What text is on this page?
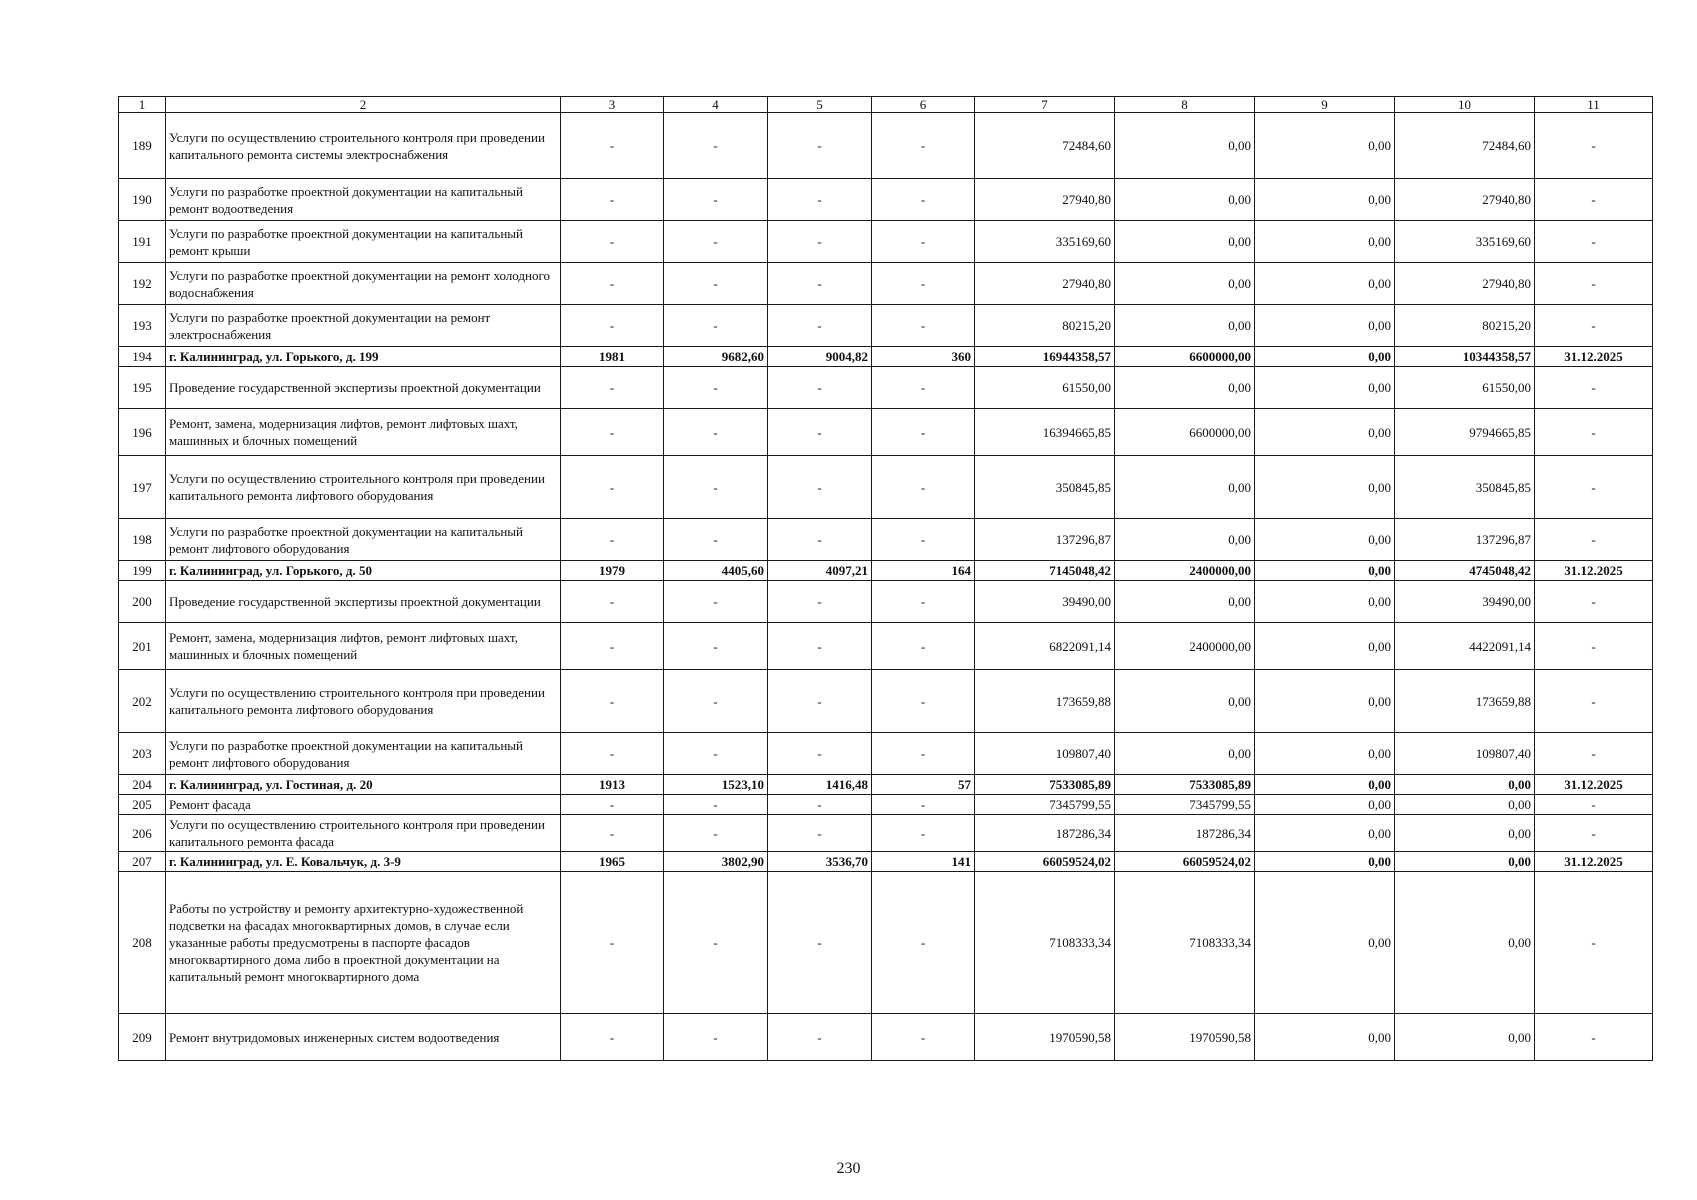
1	2	3	4	5	6	7	8	9	10	11
189	Услуги по осуществлению строительного контроля при проведении капитального ремонта системы электроснабжения	-	-	-	-	72484,60	0,00	0,00	72484,60	-
190	Услуги по разработке проектной документации на капитальный ремонт водоотведения	-	-	-	-	27940,80	0,00	0,00	27940,80	-
191	Услуги по разработке проектной документации на капитальный ремонт крыши	-	-	-	-	335169,60	0,00	0,00	335169,60	-
192	Услуги по разработке проектной документации на ремонт холодного водоснабжения	-	-	-	-	27940,80	0,00	0,00	27940,80	-
193	Услуги по разработке проектной документации на ремонт электроснабжения	-	-	-	-	80215,20	0,00	0,00	80215,20	-
194	г. Калининград, ул. Горького, д. 199	1981	9682,60	9004,82	360	16944358,57	6600000,00	0,00	10344358,57	31.12.2025
195	Проведение государственной экспертизы проектной документации	-	-	-	-	61550,00	0,00	0,00	61550,00	-
196	Ремонт, замена, модернизация лифтов, ремонт лифтовых шахт, машинных и блочных помещений	-	-	-	-	16394665,85	6600000,00	0,00	9794665,85	-
197	Услуги по осуществлению строительного контроля при проведении капитального ремонта лифтового оборудования	-	-	-	-	350845,85	0,00	0,00	350845,85	-
198	Услуги по разработке проектной документации на капитальный ремонт лифтового оборудования	-	-	-	-	137296,87	0,00	0,00	137296,87	-
199	г. Калининград, ул. Горького, д. 50	1979	4405,60	4097,21	164	7145048,42	2400000,00	0,00	4745048,42	31.12.2025
200	Проведение государственной экспертизы проектной документации	-	-	-	-	39490,00	0,00	0,00	39490,00	-
201	Ремонт, замена, модернизация лифтов, ремонт лифтовых шахт, машинных и блочных помещений	-	-	-	-	6822091,14	2400000,00	0,00	4422091,14	-
202	Услуги по осуществлению строительного контроля при проведении капитального ремонта лифтового оборудования	-	-	-	-	173659,88	0,00	0,00	173659,88	-
203	Услуги по разработке проектной документации на капитальный ремонт лифтового оборудования	-	-	-	-	109807,40	0,00	0,00	109807,40	-
204	г. Калининград, ул. Гостиная, д. 20	1913	1523,10	1416,48	57	7533085,89	7533085,89	0,00	0,00	31.12.2025
205	Ремонт фасада	-	-	-	-	7345799,55	7345799,55	0,00	0,00	-
206	Услуги по осуществлению строительного контроля при проведении капитального ремонта фасада	-	-	-	-	187286,34	187286,34	0,00	0,00	-
207	г. Калининград, ул. Е. Ковальчук, д. 3-9	1965	3802,90	3536,70	141	66059524,02	66059524,02	0,00	0,00	31.12.2025
208	Работы по устройству и ремонту архитектурно-художественной подсветки на фасадах многоквартирных домов, в случае если указанные работы предусмотрены в паспорте фасадов многоквартирного дома либо в проектной документации на капитальный ремонт многоквартирного дома	-	-	-	-	7108333,34	7108333,34	0,00	0,00	-
209	Ремонт внутридомовых инженерных систем водоотведения	-	-	-	-	1970590,58	1970590,58	0,00	0,00	-
230
